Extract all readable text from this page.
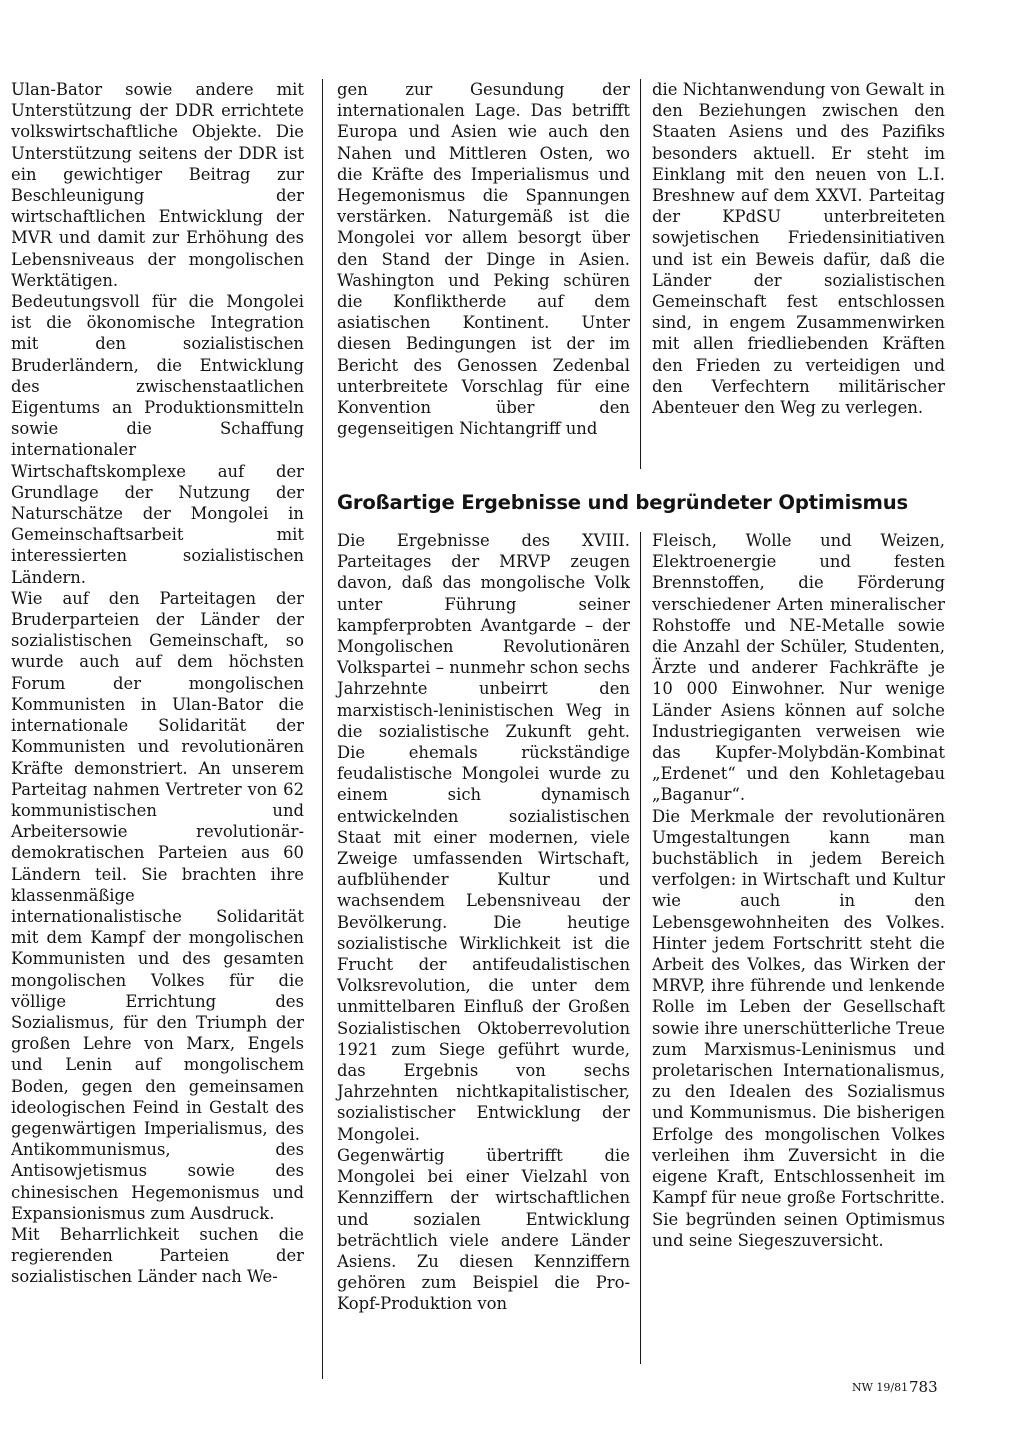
Ulan-Bator sowie andere mit Unterstützung der DDR errichtete volkswirtschaftliche Objekte. Die Unterstützung seitens der DDR ist ein gewichtiger Beitrag zur Beschleunigung der wirtschaftlichen Entwicklung der MVR und damit zur Erhöhung des Lebensniveaus der mongolischen Werktätigen.

Bedeutungsvoll für die Mongolei ist die ökonomische Integration mit den sozialistischen Bruderländern, die Entwicklung des zwischenstaatlichen Eigentums an Produktionsmitteln sowie die Schaffung internationaler Wirtschaftskomplexe auf der Grundlage der Nutzung der Naturschätze der Mongolei in Gemeinschaftsarbeit mit interessierten sozialistischen Ländern.

Wie auf den Parteitagen der Bruderparteien der Länder der sozialistischen Gemeinschaft, so wurde auch auf dem höchsten Forum der mongolischen Kommunisten in Ulan-Bator die internationale Solidarität der Kommunisten und revolutionären Kräfte demonstriert. An unserem Parteitag nahmen Vertreter von 62 kommunistischen und Arbeitersowie revolutionär-demokratischen Parteien aus 60 Ländern teil. Sie brachten ihre klassenmäßige internationalistische Solidarität mit dem Kampf der mongolischen Kommunisten und des gesamten mongolischen Volkes für die völlige Errichtung des Sozialismus, für den Triumph der großen Lehre von Marx, Engels und Lenin auf mongolischem Boden, gegen den gemeinsamen ideologischen Feind in Gestalt des gegenwärtigen Imperialismus, des Antikommunismus, des Antisowjetismus sowie des chinesischen Hegemonismus und Expansionismus zum Ausdruck.

Mit Beharrlichkeit suchen die regierenden Parteien der sozialistischen Länder nach We-

gen zur Gesundung der internationalen Lage. Das betrifft Europa und Asien wie auch den Nahen und Mittleren Osten, wo die Kräfte des Imperialismus und Hegemonismus die Spannungen verstärken. Naturgemäß ist die Mongolei vor allem besorgt über den Stand der Dinge in Asien. Washington und Peking schüren die Konfliktherde auf dem asiatischen Kontinent. Unter diesen Bedingungen ist der im Bericht des Genossen Zedenbal unterbreitete Vorschlag für eine Konvention über den gegenseitigen Nichtangriff und

die Nichtanwendung von Gewalt in den Beziehungen zwischen den Staaten Asiens und des Pazifiks besonders aktuell. Er steht im Einklang mit den neuen von L.I. Breshnew auf dem XXVI. Parteitag der KPdSU unterbreiteten sowjetischen Friedensinitiativen und ist ein Beweis dafür, daß die Länder der sozialistischen Gemeinschaft fest entschlossen sind, in engem Zusammenwirken mit allen friedliebenden Kräften den Frieden zu verteidigen und den Verfechtern militärischer Abenteuer den Weg zu verlegen.

Großartige Ergebnisse und begründeter Optimismus

Die Ergebnisse des XVIII. Parteitages der MRVP zeugen davon, daß das mongolische Volk unter Führung seiner kampferprobten Avantgarde – der Mongolischen Revolutionären Volkspartei – nunmehr schon sechs Jahrzehnte unbeirrt den marxistisch-leninistischen Weg in die sozialistische Zukunft geht. Die ehemals rückständige feudalistische Mongolei wurde zu einem sich dynamisch entwickelnden sozialistischen Staat mit einer modernen, viele Zweige umfassenden Wirtschaft, aufblühender Kultur und wachsendem Lebensniveau der Bevölkerung. Die heutige sozialistische Wirklichkeit ist die Frucht der antifeudalistischen Volksrevolution, die unter dem unmittelbaren Einfluß der Großen Sozialistischen Oktoberrevolution 1921 zum Siege geführt wurde, das Ergebnis von sechs Jahrzehnten nichtkapitalistischer, sozialistischer Entwicklung der Mongolei.

Gegenwärtig übertrifft die Mongolei bei einer Vielzahl von Kennziffern der wirtschaftlichen und sozialen Entwicklung beträchtlich viele andere Länder Asiens. Zu diesen Kennziffern gehören zum Beispiel die Pro-Kopf-Produktion von

Fleisch, Wolle und Weizen, Elektroenergie und festen Brennstoffen, die Förderung verschiedener Arten mineralischer Rohstoffe und NE-Metalle sowie die Anzahl der Schüler, Studenten, Ärzte und anderer Fachkräfte je 10 000 Einwohner. Nur wenige Länder Asiens können auf solche Industriegiganten verweisen wie das Kupfer-Molybdän-Kombinat „Erdenet“ und den Kohletagebau „Baganur“.

Die Merkmale der revolutionären Umgestaltungen kann man buchstäblich in jedem Bereich verfolgen: in Wirtschaft und Kultur wie auch in den Lebensgewohnheiten des Volkes. Hinter jedem Fortschritt steht die Arbeit des Volkes, das Wirken der MRVP, ihre führende und lenkende Rolle im Leben der Gesellschaft sowie ihre unerschütterliche Treue zum Marxismus-Leninismus und proletarischen Internationalismus, zu den Idealen des Sozialismus und Kommunismus. Die bisherigen Erfolge des mongolischen Volkes verleihen ihm Zuversicht in die eigene Kraft, Entschlossenheit im Kampf für neue große Fortschritte. Sie begründen seinen Optimismus und seine Siegeszuversicht.

NW 19/81 783
